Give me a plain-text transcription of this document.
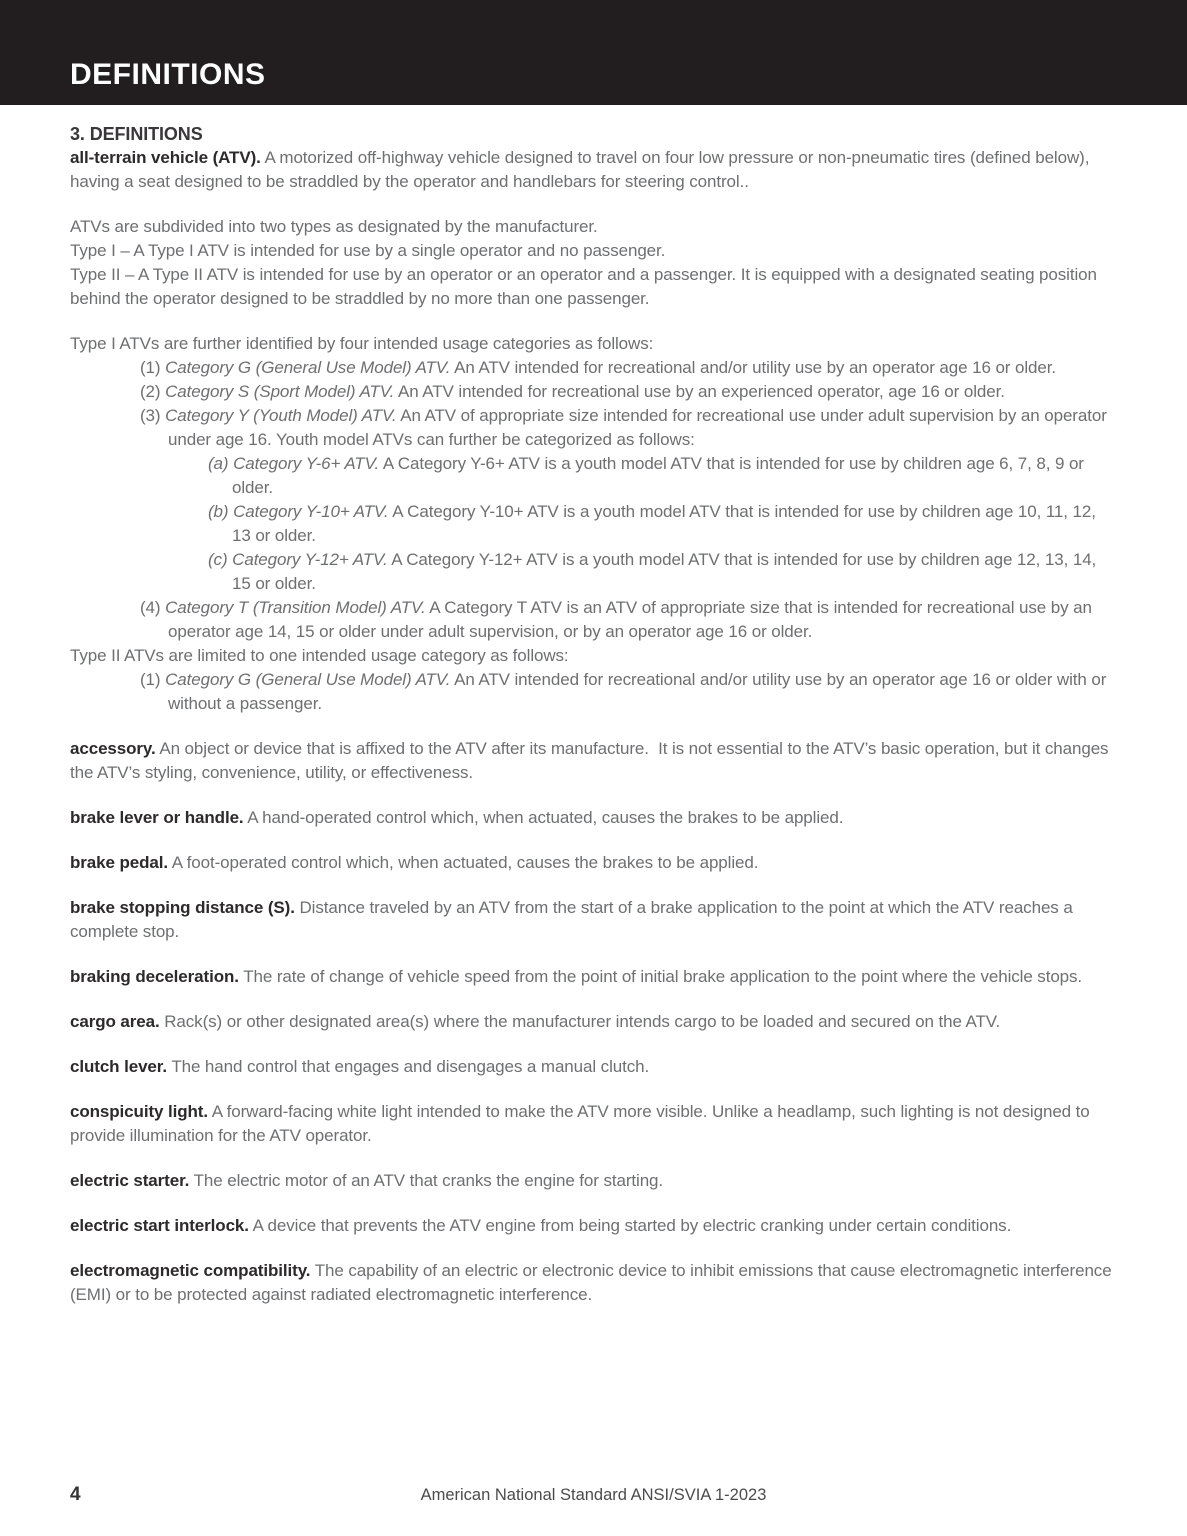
DEFINITIONS
3. DEFINITIONS

all-terrain vehicle (ATV). A motorized off-highway vehicle designed to travel on four low pressure or non-pneumatic tires (defined below), having a seat designed to be straddled by the operator and handlebars for steering control..

ATVs are subdivided into two types as designated by the manufacturer.
Type I – A Type I ATV is intended for use by a single operator and no passenger.
Type II – A Type II ATV is intended for use by an operator or an operator and a passenger. It is equipped with a designated seating position behind the operator designed to be straddled by no more than one passenger.
Type I ATVs are further identified by four intended usage categories as follows:
(1) Category G (General Use Model) ATV. An ATV intended for recreational and/or utility use by an operator age 16 or older.
(2) Category S (Sport Model) ATV. An ATV intended for recreational use by an experienced operator, age 16 or older.
(3) Category Y (Youth Model) ATV. An ATV of appropriate size intended for recreational use under adult supervision by an operator under age 16. Youth model ATVs can further be categorized as follows:
(a) Category Y-6+ ATV. A Category Y-6+ ATV is a youth model ATV that is intended for use by children age 6, 7, 8, 9 or older.
(b) Category Y-10+ ATV. A Category Y-10+ ATV is a youth model ATV that is intended for use by children age 10, 11, 12, 13 or older.
(c) Category Y-12+ ATV. A Category Y-12+ ATV is a youth model ATV that is intended for use by children age 12, 13, 14, 15 or older.
(4) Category T (Transition Model) ATV. A Category T ATV is an ATV of appropriate size that is intended for recreational use by an operator age 14, 15 or older under adult supervision, or by an operator age 16 or older.
Type II ATVs are limited to one intended usage category as follows:
(1) Category G (General Use Model) ATV. An ATV intended for recreational and/or utility use by an operator age 16 or older with or without a passenger.

accessory. An object or device that is affixed to the ATV after its manufacture.  It is not essential to the ATV’s basic operation, but it changes the ATV’s styling, convenience, utility, or effectiveness.

brake lever or handle. A hand-operated control which, when actuated, causes the brakes to be applied.

brake pedal. A foot-operated control which, when actuated, causes the brakes to be applied.

brake stopping distance (S). Distance traveled by an ATV from the start of a brake application to the point at which the ATV reaches a complete stop.

braking deceleration. The rate of change of vehicle speed from the point of initial brake application to the point where the vehicle stops.

cargo area. Rack(s) or other designated area(s) where the manufacturer intends cargo to be loaded and secured on the ATV.

clutch lever. The hand control that engages and disengages a manual clutch.

conspicuity light. A forward-facing white light intended to make the ATV more visible. Unlike a headlamp, such lighting is not designed to provide illumination for the ATV operator.

electric starter. The electric motor of an ATV that cranks the engine for starting.

electric start interlock. A device that prevents the ATV engine from being started by electric cranking under certain conditions.

electromagnetic compatibility. The capability of an electric or electronic device to inhibit emissions that cause electromagnetic interference (EMI) or to be protected against radiated electromagnetic interference.

American National Standard ANSI/SVIA 1-2023
4
